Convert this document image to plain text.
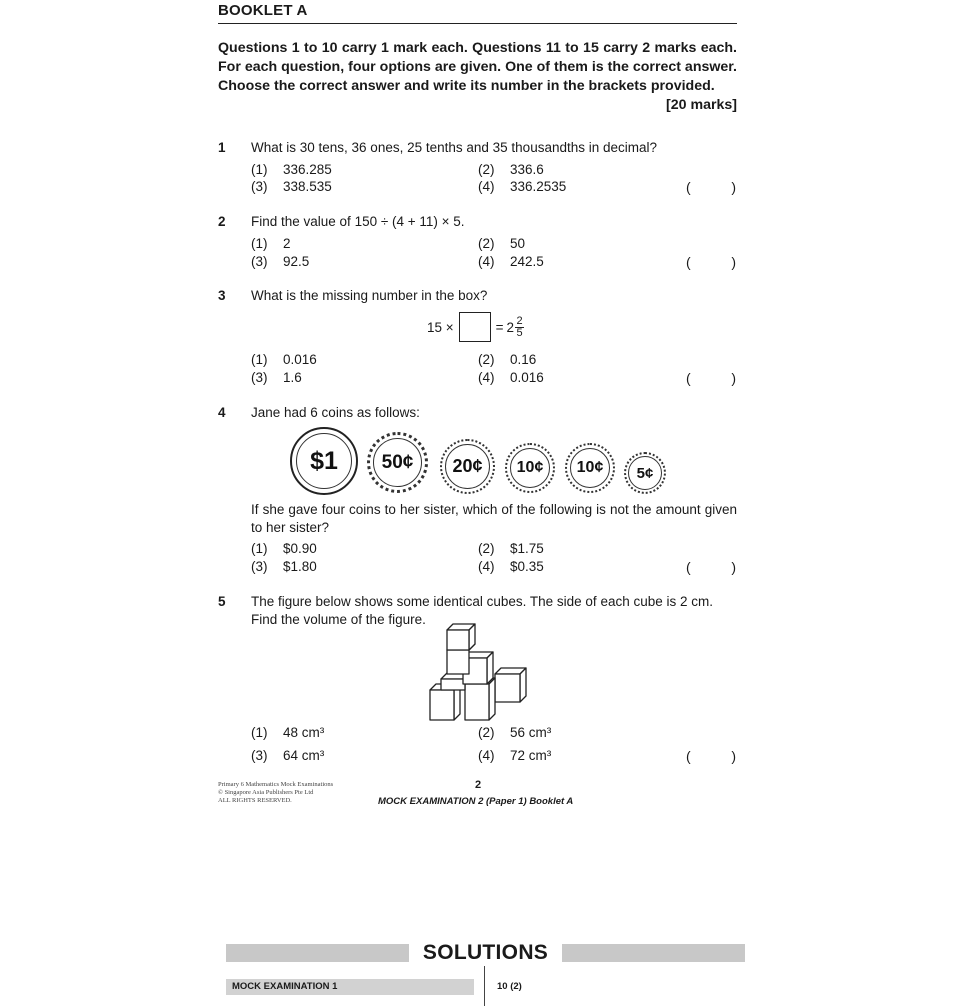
BOOKLET A
Questions 1 to 10 carry 1 mark each. Questions 11 to 15 carry 2 marks each. For each question, four options are given. One of them is the correct answer. Choose the correct answer and write its number in the brackets provided.
[20 marks]
1 What is 30 tens, 36 ones, 25 tenths and 35 thousandths in decimal?
(1) 336.285	(2) 336.6
(3) 338.535	(4) 336.2535	(	)
2 Find the value of 150 ÷ (4 + 11) × 5.
(1) 2	(2) 50
(3) 92.5	(4) 242.5	(	)
3 What is the missing number in the box?
15 ×	= 2 2
5
(1) 0.016	(2) 0.16
(3) 1.6	(4) 0.016	(	)
4 Jane had 6 coins as follows:
$1	50¢	20¢	10¢	10¢	5¢
If she gave four coins to her sister, which of the following is not the amount given to her sister?
(1) $0.90	(2) $1.75
(3) $1.80	(4) $0.35	(	)
5 The figure below shows some identical cubes. The side of each cube is 2 cm. Find the volume of the figure.
(1) 48 cm³	(2) 56 cm³
(3) 64 cm³	(4) 72 cm³	(	)
Primary 6 Mathematics Mock Examinations
© Singapore Asia Publishers Pte Ltd
ALL RIGHTS RESERVED.
2
MOCK EXAMINATION 2 (Paper 1) Booklet A
SOLUTIONS
MOCK EXAMINATION 1	10 (2)
